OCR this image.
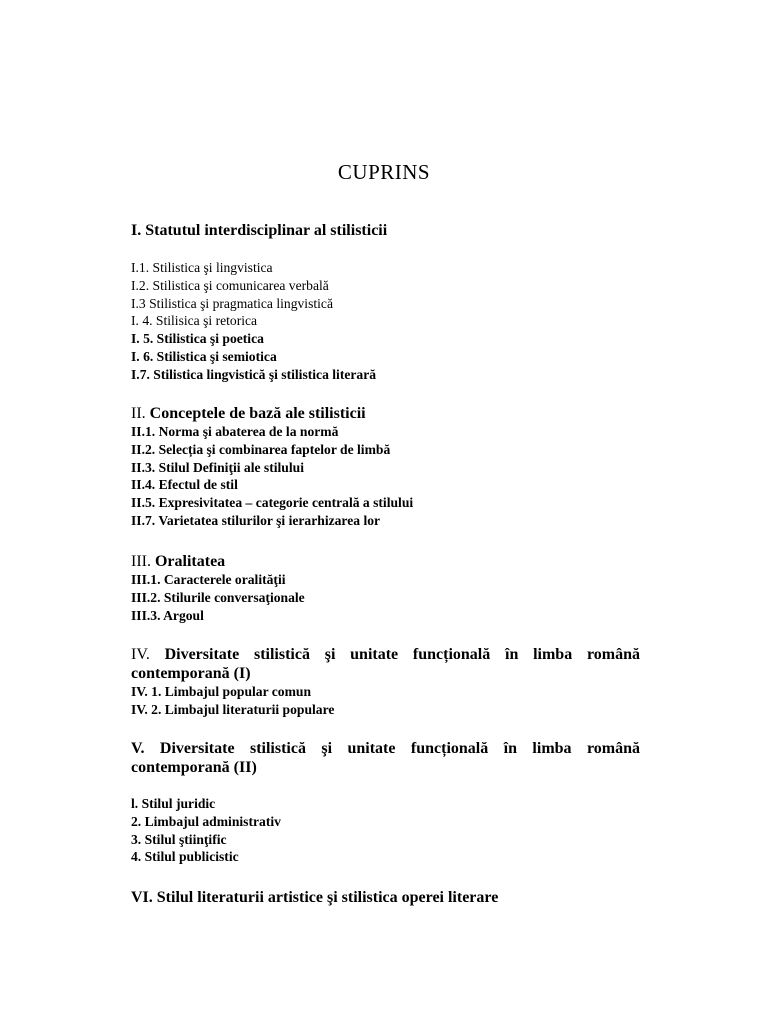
CUPRINS
I. Statutul interdisciplinar al stilisticii
I.1. Stilistica şi lingvistica
I.2. Stilistica şi comunicarea verbală
I.3 Stilistica şi pragmatica lingvistică
I. 4. Stilisica şi retorica
I. 5. Stilistica şi poetica
I. 6. Stilistica şi semiotica
I.7. Stilistica lingvistică şi stilistica literară
II. Conceptele de bază ale stilisticii
II.1. Norma şi abaterea de la normă
II.2. Selecția şi combinarea faptelor de limbă
II.3. Stilul Definiţii ale stilului
II.4. Efectul de stil
II.5. Expresivitatea – categorie centrală a stilului
II.7. Varietatea stilurilor şi ierarhizarea lor
III. Oralitatea
III.1. Caracterele oralităţii
III.2. Stilurile conversaţionale
III.3. Argoul
IV. Diversitate stilistică şi unitate funcțională în limba română contemporană (I)
IV. 1. Limbajul popular comun
IV. 2. Limbajul literaturii populare
V. Diversitate stilistică şi unitate funcțională în limba română contemporană (II)
l. Stilul juridic
2. Limbajul administrativ
3. Stilul ştiinţific
4. Stilul publicistic
VI. Stilul literaturii artistice şi stilistica operei literare
